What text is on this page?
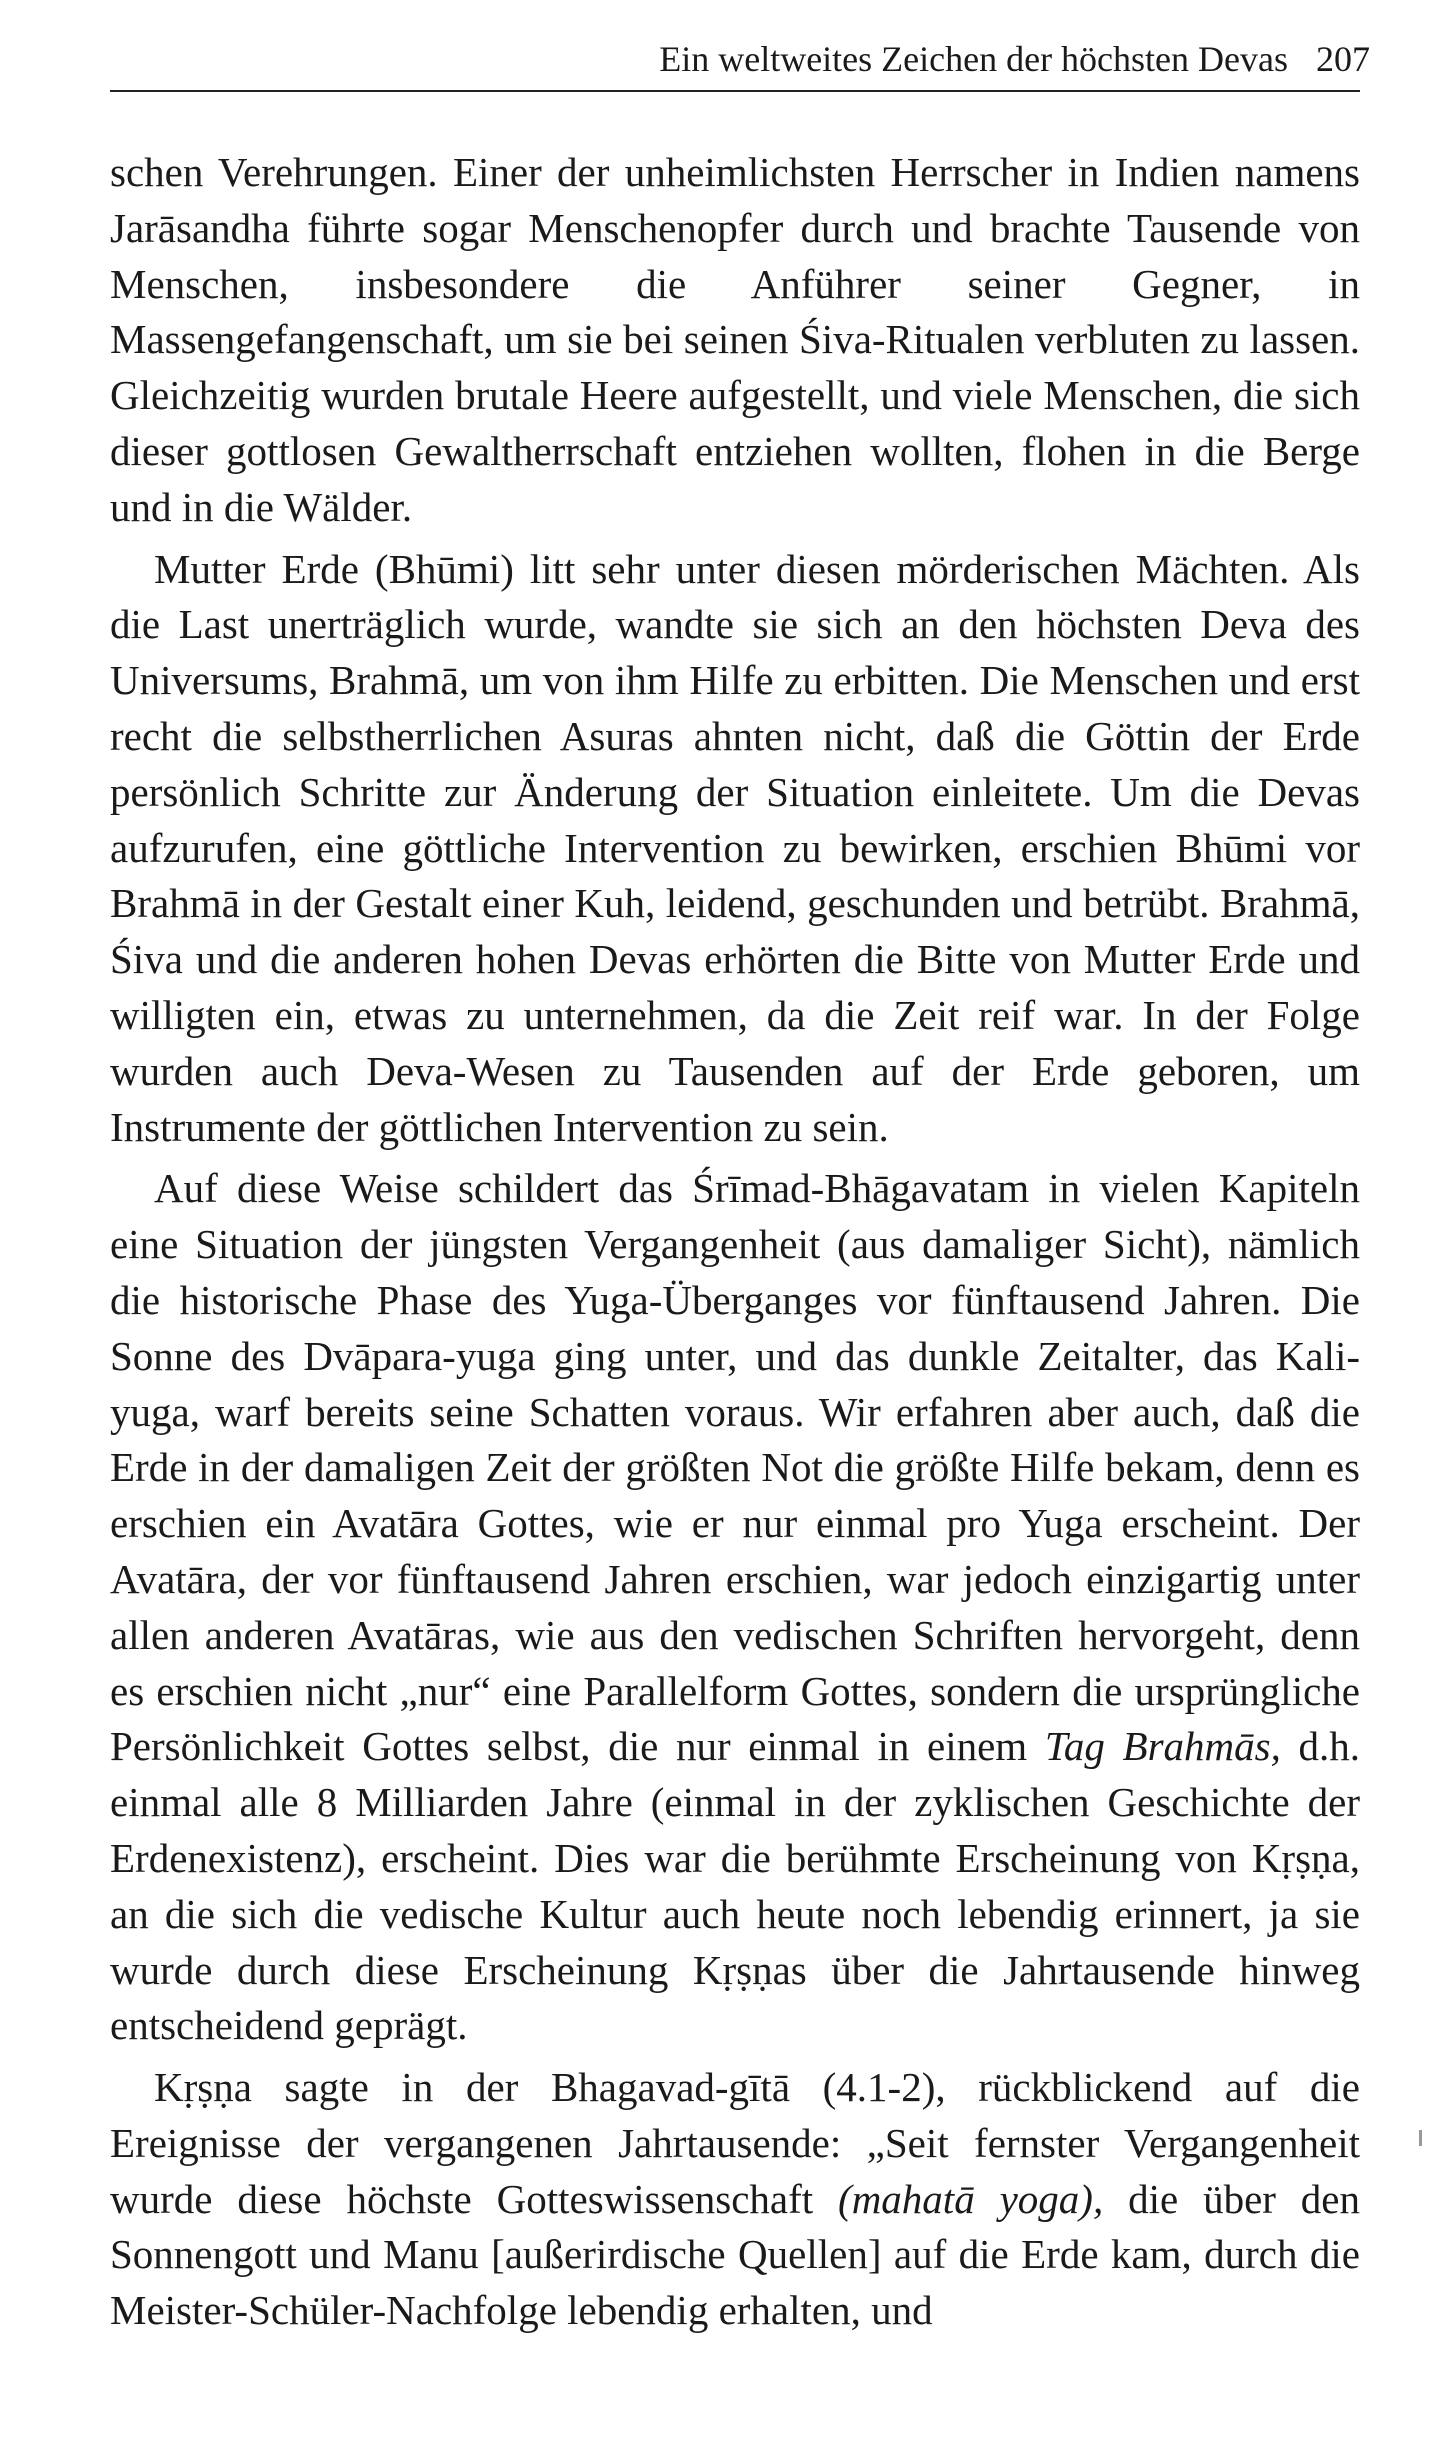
Ein weltweites Zeichen der höchsten Devas 207

schen Verehrungen. Einer der unheimlichsten Herrscher in Indien namens Jarāsandha führte sogar Menschenopfer durch und brachte Tausende von Menschen, insbesondere die Anführer seiner Gegner, in Massengefangenschaft, um sie bei seinen Śiva-Ritualen verbluten zu lassen. Gleichzeitig wurden brutale Heere aufgestellt, und viele Menschen, die sich dieser gottlosen Gewaltherrschaft entziehen wollten, flohen in die Berge und in die Wälder.

Mutter Erde (Bhūmi) litt sehr unter diesen mörderischen Mächten. Als die Last unerträglich wurde, wandte sie sich an den höchsten Deva des Universums, Brahmā, um von ihm Hilfe zu erbitten. Die Menschen und erst recht die selbstherrlichen Asuras ahnten nicht, daß die Göttin der Erde persönlich Schritte zur Änderung der Situation einleitete. Um die Devas aufzurufen, eine göttliche Intervention zu bewirken, erschien Bhūmi vor Brahmā in der Gestalt einer Kuh, leidend, geschunden und betrübt. Brahmā, Śiva und die anderen hohen Devas erhörten die Bitte von Mutter Erde und willigten ein, etwas zu unternehmen, da die Zeit reif war. In der Folge wurden auch Deva-Wesen zu Tausenden auf der Erde geboren, um Instrumente der göttlichen Intervention zu sein.

Auf diese Weise schildert das Śrīmad-Bhāgavatam in vielen Kapiteln eine Situation der jüngsten Vergangenheit (aus damaliger Sicht), nämlich die historische Phase des Yuga-Überganges vor fünftausend Jahren. Die Sonne des Dvāpara-yuga ging unter, und das dunkle Zeitalter, das Kali-yuga, warf bereits seine Schatten voraus. Wir erfahren aber auch, daß die Erde in der damaligen Zeit der größten Not die größte Hilfe bekam, denn es erschien ein Avatāra Gottes, wie er nur einmal pro Yuga erscheint. Der Avatāra, der vor fünftausend Jahren erschien, war jedoch einzigartig unter allen anderen Avatāras, wie aus den vedischen Schriften hervorgeht, denn es erschien nicht „nur“ eine Parallelform Gottes, sondern die ursprüngliche Persönlichkeit Gottes selbst, die nur einmal in einem Tag Brahmās, d.h. einmal alle 8 Milliarden Jahre (einmal in der zyklischen Geschichte der Erdenexistenz), erscheint. Dies war die berühmte Erscheinung von Kṛṣṇa, an die sich die vedische Kultur auch heute noch lebendig erinnert, ja sie wurde durch diese Erscheinung Kṛṣṇas über die Jahrtausende hinweg entscheidend geprägt.

Kṛṣṇa sagte in der Bhagavad-gītā (4.1-2), rückblickend auf die Ereignisse der vergangenen Jahrtausende: „Seit fernster Vergangenheit wurde diese höchste Gotteswissenschaft (mahatā yoga), die über den Sonnengott und Manu [außerirdische Quellen] auf die Erde kam, durch die Meister-Schüler-Nachfolge lebendig erhalten, und
